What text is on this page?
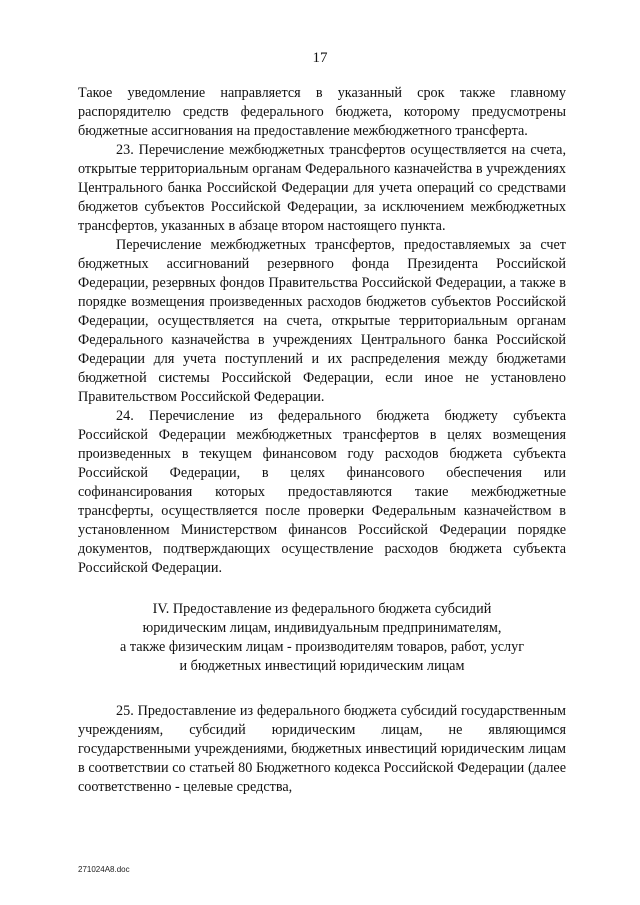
17

Такое уведомление направляется в указанный срок также главному распорядителю средств федерального бюджета, которому предусмотрены бюджетные ассигнования на предоставление межбюджетного трансферта.

23. Перечисление межбюджетных трансфертов осуществляется на счета, открытые территориальным органам Федерального казначейства в учреждениях Центрального банка Российской Федерации для учета операций со средствами бюджетов субъектов Российской Федерации, за исключением межбюджетных трансфертов, указанных в абзаце втором настоящего пункта.

Перечисление межбюджетных трансфертов, предоставляемых за счет бюджетных ассигнований резервного фонда Президента Российской Федерации, резервных фондов Правительства Российской Федерации, а также в порядке возмещения произведенных расходов бюджетов субъектов Российской Федерации, осуществляется на счета, открытые территориальным органам Федерального казначейства в учреждениях Центрального банка Российской Федерации для учета поступлений и их распределения между бюджетами бюджетной системы Российской Федерации, если иное не установлено Правительством Российской Федерации.

24. Перечисление из федерального бюджета бюджету субъекта Российской Федерации межбюджетных трансфертов в целях возмещения произведенных в текущем финансовом году расходов бюджета субъекта Российской Федерации, в целях финансового обеспечения или софинансирования которых предоставляются такие межбюджетные трансферты, осуществляется после проверки Федеральным казначейством в установленном Министерством финансов Российской Федерации порядке документов, подтверждающих осуществление расходов бюджета субъекта Российской Федерации.

IV. Предоставление из федерального бюджета субсидий
юридическим лицам, индивидуальным предпринимателям,
а также физическим лицам - производителям товаров, работ, услуг
и бюджетных инвестиций юридическим лицам

25. Предоставление из федерального бюджета субсидий государственным учреждениям, субсидий юридическим лицам, не являющимся государственными учреждениями, бюджетных инвестиций юридическим лицам в соответствии со статьей 80 Бюджетного кодекса Российской Федерации (далее соответственно - целевые средства,

271024A8.doc
